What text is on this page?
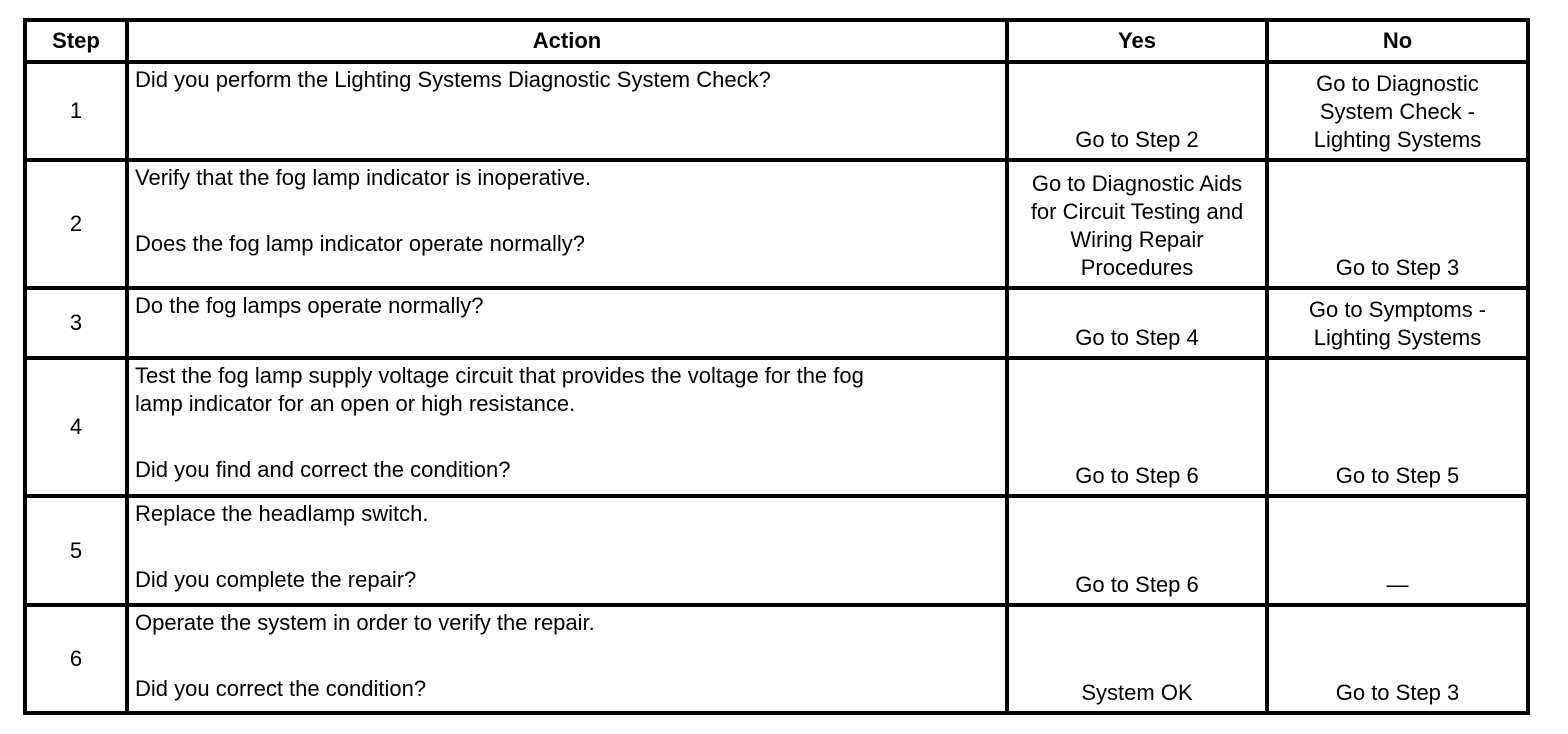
Step	Action	Yes	No
1	Did you perform the Lighting Systems Diagnostic System Check?	Go to Step 2	Go to Diagnostic
System Check -
Lighting Systems

2	Verify that the fog lamp indicator is inoperative.
Does the fog lamp indicator operate normally?	Go to Diagnostic Aids
for Circuit Testing and
Wiring Repair
Procedures	Go to Step 3

3	Do the fog lamps operate normally?	Go to Step 4	Go to Symptoms -
Lighting Systems

4	Test the fog lamp supply voltage circuit that provides the voltage for the fog
lamp indicator for an open or high resistance.
Did you find and correct the condition?	Go to Step 6	Go to Step 5

5	Replace the headlamp switch.
Did you complete the repair?	Go to Step 6	—

6	Operate the system in order to verify the repair.
Did you correct the condition?	System OK	Go to Step 3
